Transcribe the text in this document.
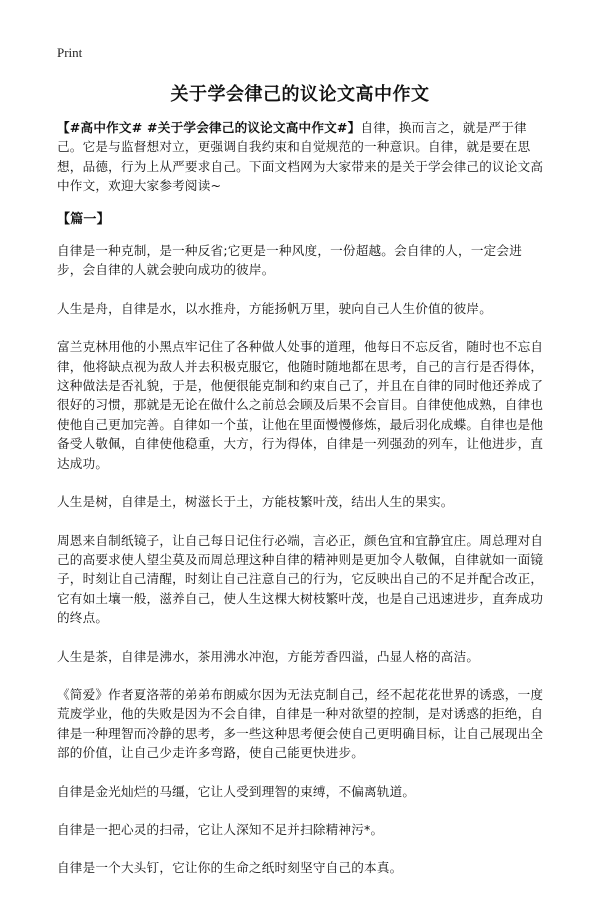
Print
关于学会律己的议论文高中作文

【#高中作文# #关于学会律己的议论文高中作文#】自律，换而言之，就是严于律己。它是与监督想对立，更强调自我约束和自觉规范的一种意识。自律，就是要在思想，品德，行为上从严要求自己。下面文档网为大家带来的是关于学会律己的议论文高中作文，欢迎大家参考阅读~

【篇一】

自律是一种克制，是一种反省;它更是一种风度，一份超越。会自律的人，一定会进步，会自律的人就会驶向成功的彼岸。

人生是舟，自律是水，以水推舟，方能扬帆万里，驶向自己人生价值的彼岸。

富兰克林用他的小黑点牢记住了各种做人处事的道理，他每日不忘反省，随时也不忘自律，他将缺点视为敌人并去积极克服它，他随时随地都在思考，自己的言行是否得体，这种做法是否礼貌，于是，他便很能克制和约束自己了，并且在自律的同时他还养成了很好的习惯，那就是无论在做什么之前总会顾及后果不会盲目。自律使他成熟，自律也使他自己更加完善。自律如一个茧，让他在里面慢慢修炼，最后羽化成蝶。自律也是他备受人敬佩，自律使他稳重，大方，行为得体，自律是一列强劲的列车，让他进步，直达成功。

人生是树，自律是土，树滋长于土，方能枝繁叶茂，结出人生的果实。

周恩来自制纸镜子，让自己每日记住行必端，言必正，颜色宜和宜静宜庄。周总理对自己的高要求使人望尘莫及而周总理这种自律的精神则是更加令人敬佩，自律就如一面镜子，时刻让自己清醒，时刻让自己注意自己的行为，它反映出自己的不足并配合改正，它有如土壤一般，滋养自己，使人生这棵大树枝繁叶茂，也是自己迅速进步，直奔成功的终点。

人生是茶，自律是沸水，茶用沸水冲泡，方能芳香四溢，凸显人格的高洁。

《简爱》作者夏洛蒂的弟弟布朗威尔因为无法克制自己，经不起花花世界的诱惑，一度荒废学业，他的失败是因为不会自律，自律是一种对欲望的控制，是对诱惑的拒绝，自律是一种理智而冷静的思考，多一些这种思考便会使自己更明确目标，让自己展现出全部的价值，让自己少走许多弯路，使自己能更快进步。

自律是金光灿烂的马缰，它让人受到理智的束缚，不偏离轨道。

自律是一把心灵的扫帚，它让人深知不足并扫除精神污*。

自律是一个大头钉，它让你的生命之纸时刻坚守自己的本真。
